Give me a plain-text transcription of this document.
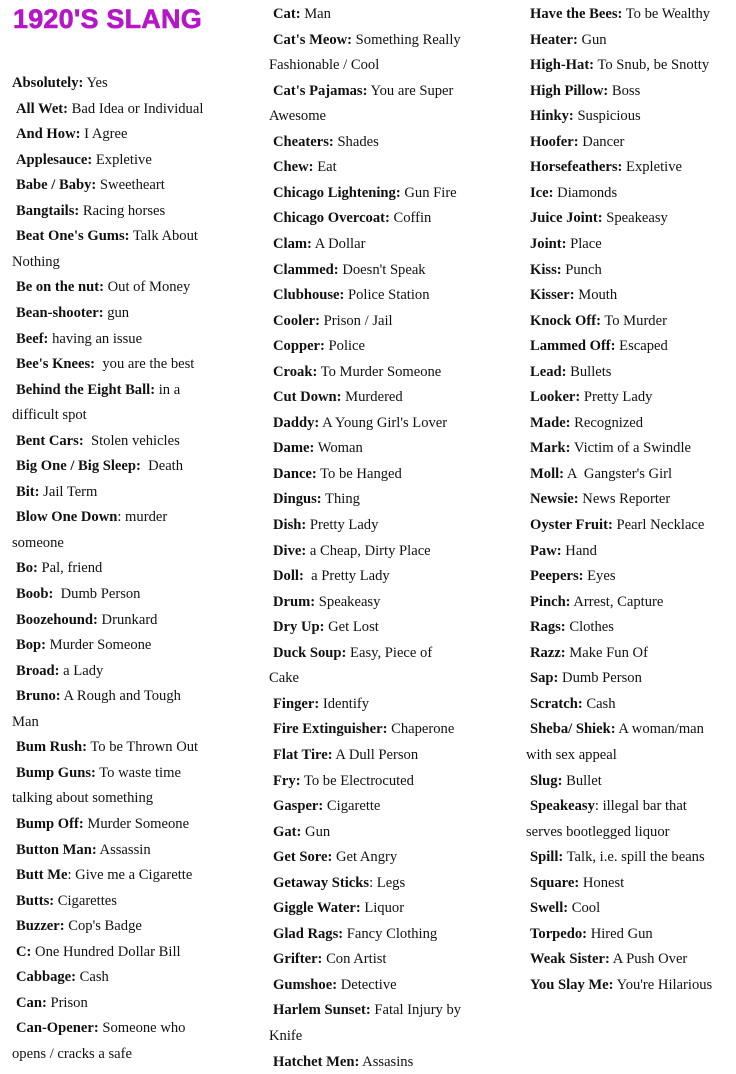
1920'S SLANG
Absolutely: Yes
All Wet: Bad Idea or Individual
And How: I Agree
Applesauce: Expletive
Babe / Baby: Sweetheart
Bangtails: Racing horses
Beat One's Gums: Talk About
Nothing
Be on the nut: Out of Money
Bean-shooter: gun
Beef: having an issue
Bee's Knees:  you are the best
Behind the Eight Ball: in a
difficult spot
Bent Cars:  Stolen vehicles
Big One / Big Sleep:  Death
Bit: Jail Term
Blow One Down: murder
someone
Bo: Pal, friend
Boob:  Dumb Person
Boozehound: Drunkard
Bop: Murder Someone
Broad: a Lady
Bruno: A Rough and Tough
Man
Bum Rush: To be Thrown Out
Bump Guns: To waste time
talking about something
Bump Off: Murder Someone
Button Man: Assassin
Butt Me: Give me a Cigarette
Butts: Cigarettes
Buzzer: Cop's Badge
C: One Hundred Dollar Bill
Cabbage: Cash
Can: Prison
Can-Opener: Someone who
opens / cracks a safe
Cat: Man
Cat's Meow: Something Really
Fashionable / Cool
Cat's Pajamas: You are Super
Awesome
Cheaters: Shades
Chew: Eat
Chicago Lightening: Gun Fire
Chicago Overcoat: Coffin
Clam: A Dollar
Clammed: Doesn't Speak
Clubhouse: Police Station
Cooler: Prison / Jail
Copper: Police
Croak: To Murder Someone
Cut Down: Murdered
Daddy: A Young Girl's Lover
Dame: Woman
Dance: To be Hanged
Dingus: Thing
Dish: Pretty Lady
Dive: a Cheap, Dirty Place
Doll:  a Pretty Lady
Drum: Speakeasy
Dry Up: Get Lost
Duck Soup: Easy, Piece of
Cake
Finger: Identify
Fire Extinguisher: Chaperone
Flat Tire: A Dull Person
Fry: To be Electrocuted
Gasper: Cigarette
Gat: Gun
Get Sore: Get Angry
Getaway Sticks: Legs
Giggle Water: Liquor
Glad Rags: Fancy Clothing
Grifter: Con Artist
Gumshoe: Detective
Harlem Sunset: Fatal Injury by
Knife
Hatchet Men: Assasins
Have the Bees: To be Wealthy
Heater: Gun
High-Hat: To Snub, be Snotty
High Pillow: Boss
Hinky: Suspicious
Hoofer: Dancer
Horsefeathers: Expletive
Ice: Diamonds
Juice Joint: Speakeasy
Joint: Place
Kiss: Punch
Kisser: Mouth
Knock Off: To Murder
Lammed Off: Escaped
Lead: Bullets
Looker: Pretty Lady
Made: Recognized
Mark: Victim of a Swindle
Moll: A  Gangster's Girl
Newsie: News Reporter
Oyster Fruit: Pearl Necklace
Paw: Hand
Peepers: Eyes
Pinch: Arrest, Capture
Rags: Clothes
Razz: Make Fun Of
Sap: Dumb Person
Scratch: Cash
Sheba/ Shiek: A woman/man
with sex appeal
Slug: Bullet
Speakeasy: illegal bar that
serves bootlegged liquor
Spill: Talk, i.e. spill the beans
Square: Honest
Swell: Cool
Torpedo: Hired Gun
Weak Sister: A Push Over
You Slay Me: You're Hilarious
